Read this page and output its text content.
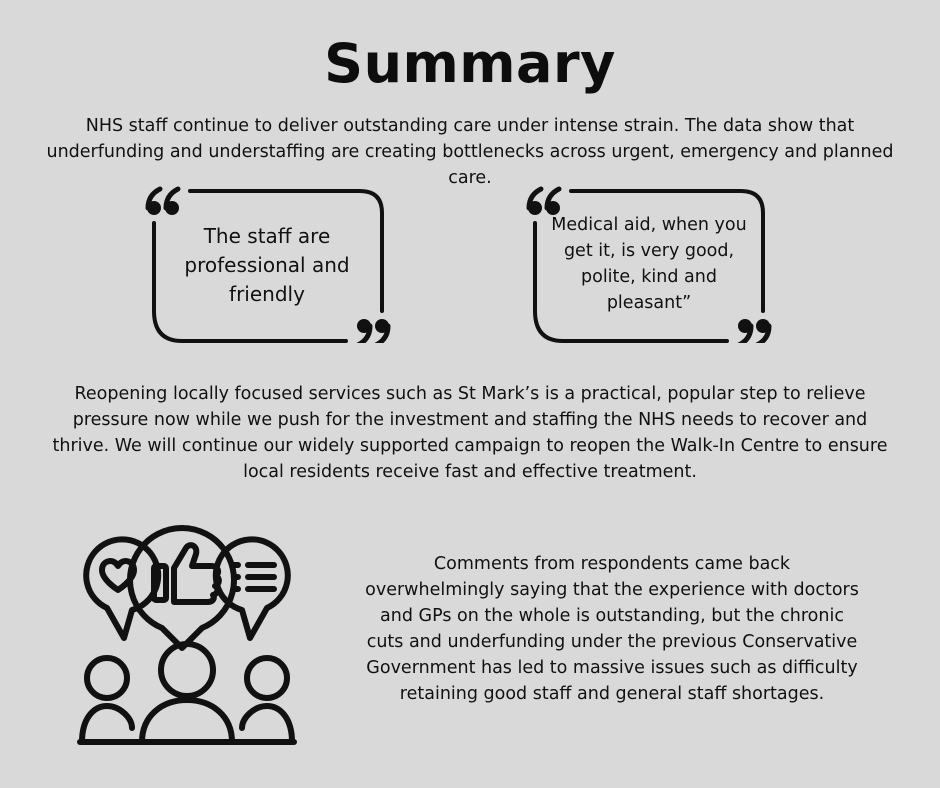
Summary
NHS staff continue to deliver outstanding care under intense strain. The data show that underfunding and understaffing are creating bottlenecks across urgent, emergency and planned care.
The staff are professional and friendly
Medical aid, when you get it, is very good, polite, kind and pleasant”
Reopening locally focused services such as St Mark’s is a practical, popular step to relieve pressure now while we push for the investment and staffing the NHS needs to recover and thrive. We will continue our widely supported campaign to reopen the Walk-In Centre to ensure local residents receive fast and effective treatment.
Comments from respondents came back overwhelmingly saying that the experience with doctors and GPs on the whole is outstanding, but the chronic cuts and underfunding under the previous Conservative Government has led to massive issues such as difficulty retaining good staff and general staff shortages.
